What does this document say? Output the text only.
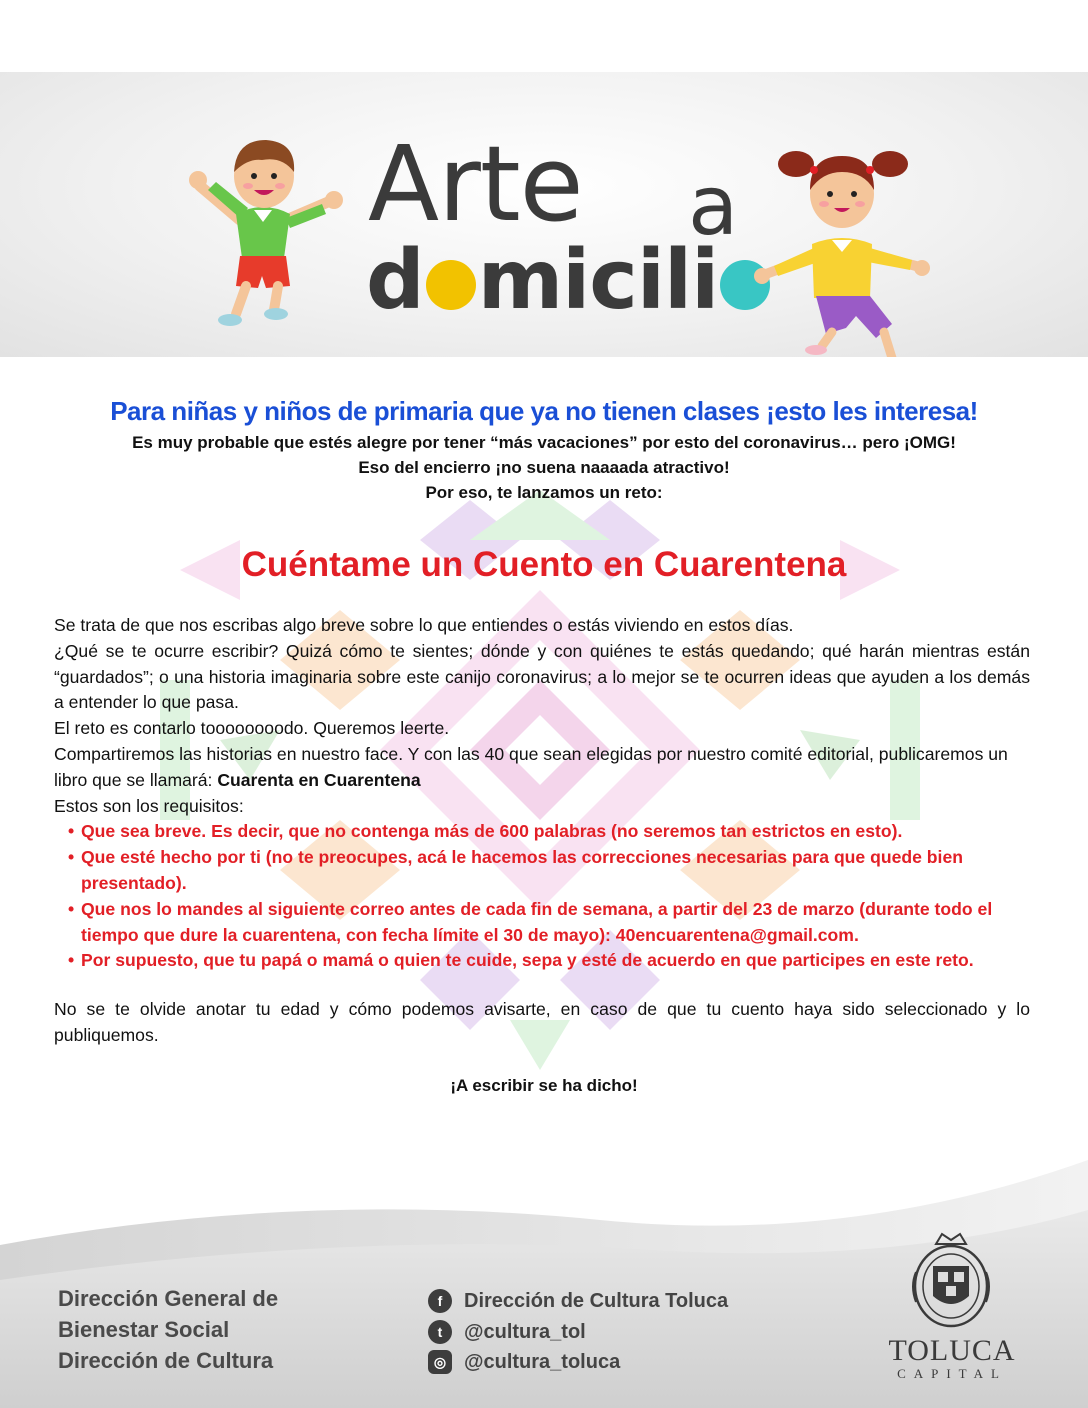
Arte a
d micili
Para niñas y niños de primaria que ya no tienen clases ¡esto les interesa!
Es muy probable que estés alegre por tener “más vacaciones” por esto del coronavirus… pero ¡OMG!
Eso del encierro ¡no suena naaaada atractivo!
Por eso, te lanzamos un reto:
Cuéntame un Cuento en Cuarentena

Se trata de que nos escribas algo breve sobre lo que entiendes o estás viviendo en estos días.

¿Qué se te ocurre escribir? Quizá cómo te sientes; dónde y con quiénes te estás quedando; qué harán mientras están “guardados”; o una historia imaginaria sobre este canijo coronavirus; a lo mejor se te ocurren ideas que ayuden a los demás a entender lo que pasa.

El reto es contarlo toooooooodo. Queremos leerte.

Compartiremos las historias en nuestro face. Y con las 40 que sean elegidas por nuestro comité editorial, publicaremos un libro que se llamará: Cuarenta en Cuarentena

Estos son los requisitos:

• Que sea breve. Es decir, que no contenga más de 600 palabras (no seremos tan estrictos en esto).
• Que esté hecho por ti (no te preocupes, acá le hacemos las correcciones necesarias para que quede bien presentado).
• Que nos lo mandes al siguiente correo antes de cada fin de semana, a partir del 23 de marzo (durante todo el tiempo que dure la cuarentena, con fecha límite el 30 de mayo): 40encuarentena@gmail.com.
• Por supuesto, que tu papá o mamá o quien te cuide, sepa y esté de acuerdo en que participes en este reto.

No se te olvide anotar tu edad y cómo podemos avisarte, en caso de que tu cuento haya sido seleccionado y lo publiquemos.

¡A escribir se ha dicho!
Dirección General de
Bienestar Social
Dirección de Cultura
f	Dirección de Cultura Toluca
t	@cultura_tol
◎ @cultura_toluca	TOLUCA
CAPITAL
